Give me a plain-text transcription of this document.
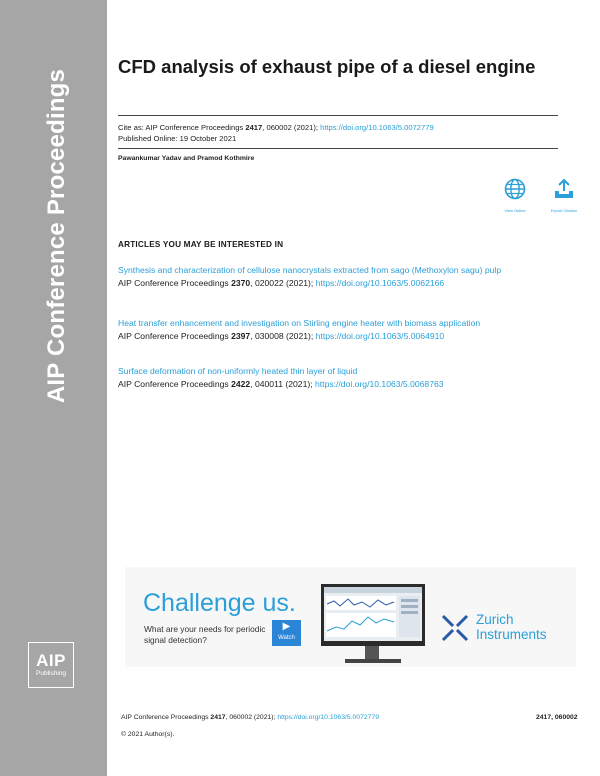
AIP Conference Proceedings
AIP
Publishing
CFD analysis of exhaust pipe of a diesel engine
Cite as: AIP Conference Proceedings 2417, 060002 (2021); https://doi.org/10.1063/5.0072779
Published Online: 19 October 2021
Pawankumar Yadav and Pramod Kothmire
View Online	Export Citation
ARTICLES YOU MAY BE INTERESTED IN
Synthesis and characterization of cellulose nanocrystals extracted from sago (Methoxylon sagu) pulp
AIP Conference Proceedings 2370, 020022 (2021); https://doi.org/10.1063/5.0062166
Heat transfer enhancement and investigation on Stirling engine heater with biomass application
AIP Conference Proceedings 2397, 030008 (2021); https://doi.org/10.1063/5.0064910
Surface deformation of non-uniformly heated thin layer of liquid
AIP Conference Proceedings 2422, 040011 (2021); https://doi.org/10.1063/5.0068763
Challenge us.
What are your needs for periodic signal detection?
▶
Watch
Zurich Instruments
AIP Conference Proceedings 2417, 060002 (2021); https://doi.org/10.1063/5.0072779	2417, 060002
© 2021 Author(s).
